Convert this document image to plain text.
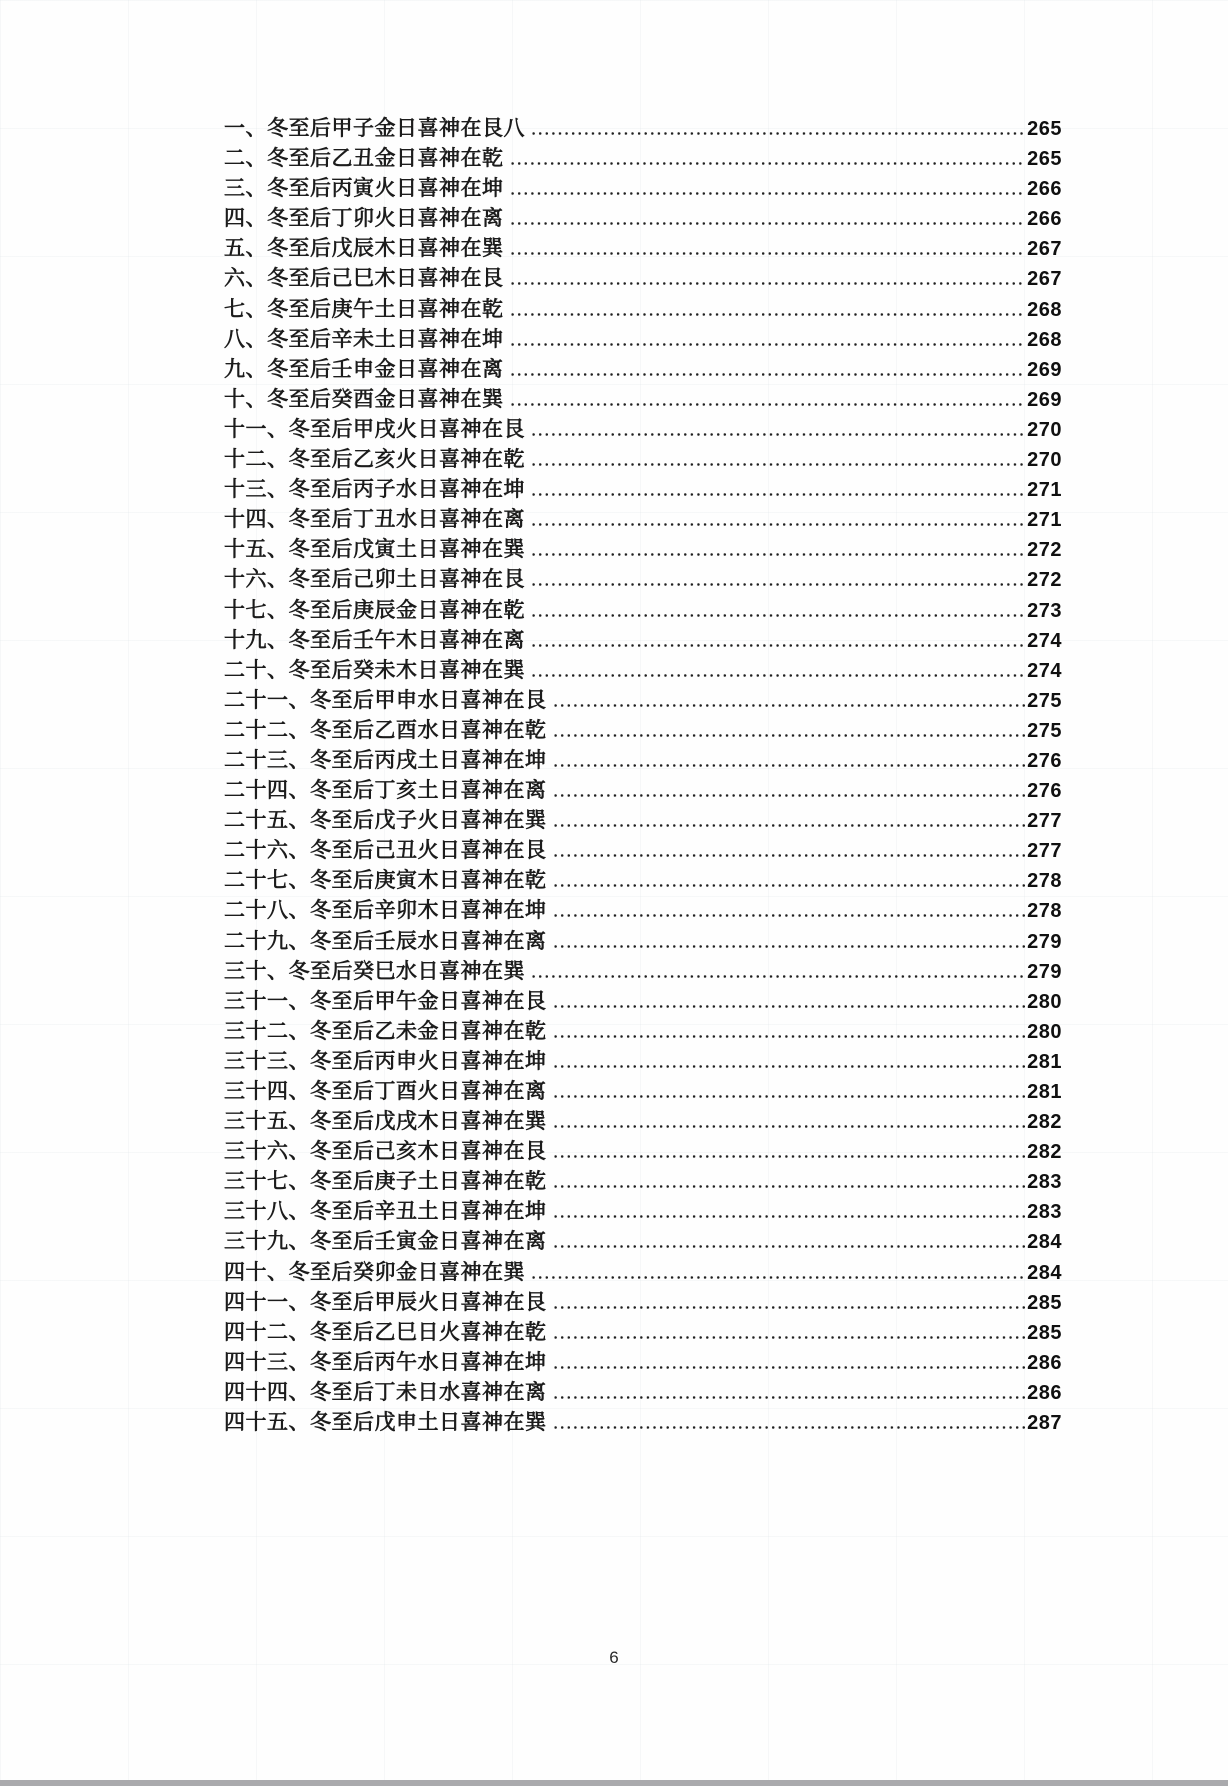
一、冬至后甲子金日喜神在艮八	265
二、冬至后乙丑金日喜神在乾	265
三、冬至后丙寅火日喜神在坤	266
四、冬至后丁卯火日喜神在离	266
五、冬至后戊辰木日喜神在巽	267
六、冬至后己巳木日喜神在艮	267
七、冬至后庚午土日喜神在乾	268
八、冬至后辛未土日喜神在坤	268
九、冬至后壬申金日喜神在离	269
十、冬至后癸酉金日喜神在巽	269
十一、冬至后甲戌火日喜神在艮	270
十二、冬至后乙亥火日喜神在乾	270
十三、冬至后丙子水日喜神在坤	271
十四、冬至后丁丑水日喜神在离	271
十五、冬至后戊寅土日喜神在巽	272
十六、冬至后己卯土日喜神在艮	272
十七、冬至后庚辰金日喜神在乾	273
十九、冬至后壬午木日喜神在离	274
二十、冬至后癸未木日喜神在巽	274
二十一、冬至后甲申水日喜神在艮	275
二十二、冬至后乙酉水日喜神在乾	275
二十三、冬至后丙戌土日喜神在坤	276
二十四、冬至后丁亥土日喜神在离	276
二十五、冬至后戊子火日喜神在巽	277
二十六、冬至后己丑火日喜神在艮	277
二十七、冬至后庚寅木日喜神在乾	278
二十八、冬至后辛卯木日喜神在坤	278
二十九、冬至后壬辰水日喜神在离	279
三十、冬至后癸巳水日喜神在巽	279
三十一、冬至后甲午金日喜神在艮	280
三十二、冬至后乙未金日喜神在乾	280
三十三、冬至后丙申火日喜神在坤	281
三十四、冬至后丁酉火日喜神在离	281
三十五、冬至后戊戌木日喜神在巽	282
三十六、冬至后己亥木日喜神在艮	282
三十七、冬至后庚子土日喜神在乾	283
三十八、冬至后辛丑土日喜神在坤	283
三十九、冬至后壬寅金日喜神在离	284
四十、冬至后癸卯金日喜神在巽	284
四十一、冬至后甲辰火日喜神在艮	285
四十二、冬至后乙巳日火喜神在乾	285
四十三、冬至后丙午水日喜神在坤	286
四十四、冬至后丁未日水喜神在离	286
四十五、冬至后戊申土日喜神在巽	287
6
